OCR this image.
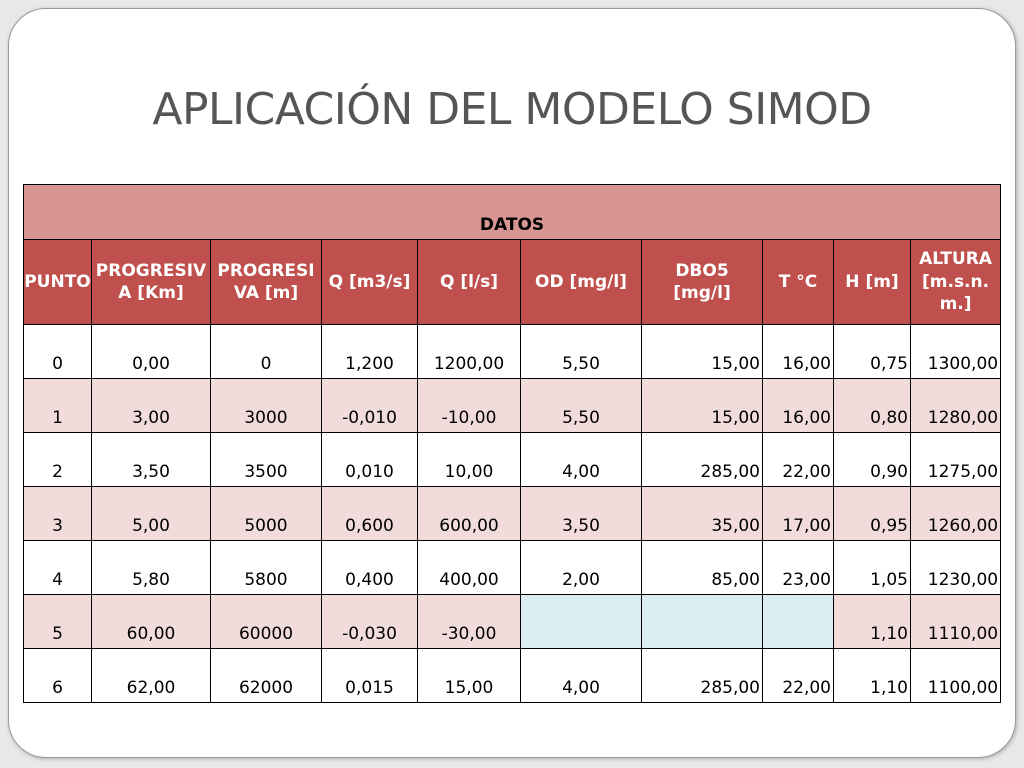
APLICACIÓN DEL MODELO SIMOD
DATOS									
PUNTO	PROGRESIVA [Km]	PROGRESIVA [m]	Q [m3/s]	Q [l/s]	OD [mg/l]	DBO5 [mg/l]	T °C	H [m]	ALTURA [m.s.n.m.]
0	0,00	0	1,200	1200,00	5,50	15,00	16,00	0,75	1300,00
1	3,00	3000	-0,010	-10,00	5,50	15,00	16,00	0,80	1280,00
2	3,50	3500	0,010	10,00	4,00	285,00	22,00	0,90	1275,00
3	5,00	5000	0,600	600,00	3,50	35,00	17,00	0,95	1260,00
4	5,80	5800	0,400	400,00	2,00	85,00	23,00	1,05	1230,00
5	60,00	60000	-0,030	-30,00				1,10	1110,00
6	62,00	62000	0,015	15,00	4,00	285,00	22,00	1,10	1100,00
